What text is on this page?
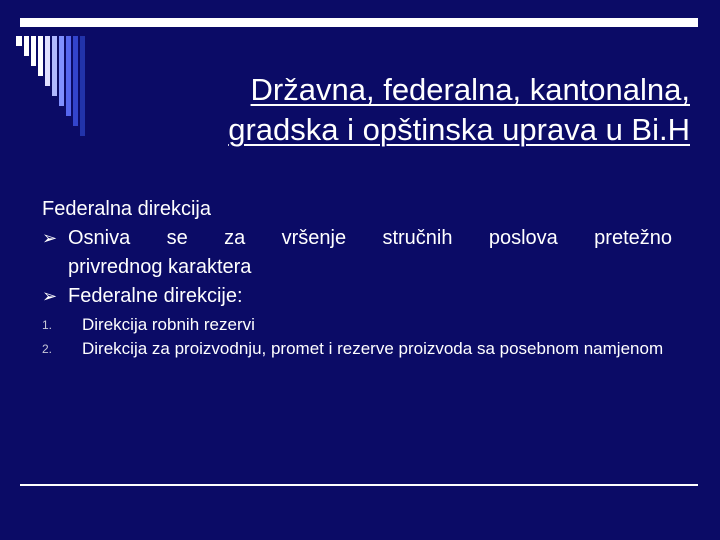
Državna, federalna, kantonalna,
gradska i opštinska uprava u Bi.H
Federalna direkcija
➢ Osniva se za vršenje stručnih poslova pretežno
privrednog karaktera
➢ Federalne direkcije:
1. Direkcija robnih rezervi
2. Direkcija za proizvodnju, promet i rezerve proizvoda sa posebnom namjenom
